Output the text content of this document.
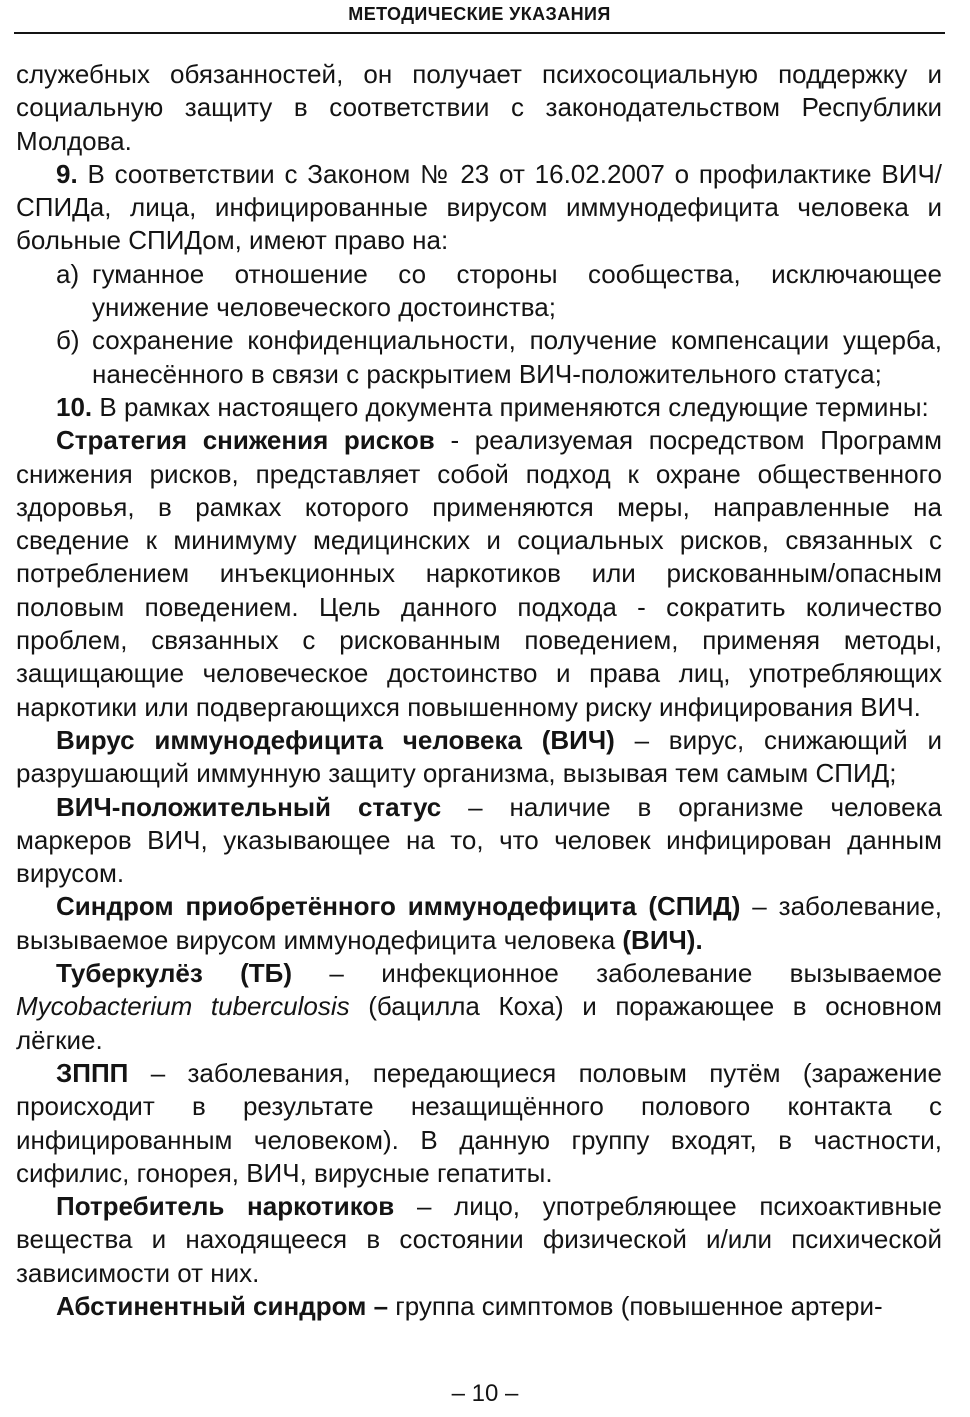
МЕТОДИЧЕСКИЕ УКАЗАНИЯ

служебных обязанностей, он получает психосоциальную поддержку и социальную защиту в соответствии с законодательством Республики Молдова.

9. В соответствии с Законом № 23 от 16.02.2007 о профилактике ВИЧ/ СПИДа, лица, инфицированные вирусом иммунодефицита человека и больные СПИДом, имеют право на:

а) гуманное отношение со стороны сообщества, исключающее унижение человеческого достоинства;

б) сохранение конфиденциальности, получение компенсации ущерба, нанесённого в связи с раскрытием ВИЧ-положительного статуса;

10. В рамках настоящего документа применяются следующие термины:

Стратегия снижения рисков - реализуемая посредством Программ снижения рисков, представляет собой подход к охране общественного здоровья, в рамках которого применяются меры, направленные на сведение к минимуму медицинских и социальных рисков, связанных с потреблением инъекционных наркотиков или рискованным/опасным половым поведением. Цель данного подхода - сократить количество проблем, связанных с рискованным поведением, применяя методы, защищающие человеческое достоинство и права лиц, употребляющих наркотики или подвергающихся повышенному риску инфицирования ВИЧ.

Вирус иммунодефицита человека (ВИЧ) – вирус, снижающий и разрушающий иммунную защиту организма, вызывая тем самым СПИД;

ВИЧ-положительный статус – наличие в организме человека маркеров ВИЧ, указывающее на то, что человек инфицирован данным вирусом.

Синдром приобретённого иммунодефицита (СПИД) – заболевание, вызываемое вирусом иммунодефицита человека (ВИЧ).

Туберкулёз (ТБ) – инфекционное заболевание вызываемое Mycobacterium tuberculosis (бацилла Коха) и поражающее в основном лёгкие.

ЗППП – заболевания, передающиеся половым путём (заражение происходит в результате незащищённого полового контакта с инфицированным человеком). В данную группу входят, в частности, сифилис, гонорея, ВИЧ, вирусные гепатиты.

Потребитель наркотиков – лицо, употребляющее психоактивные вещества и находящееся в состоянии физической и/или психической зависимости от них.

Абстинентный синдром – группа симптомов (повышенное артери-

– 10 –
